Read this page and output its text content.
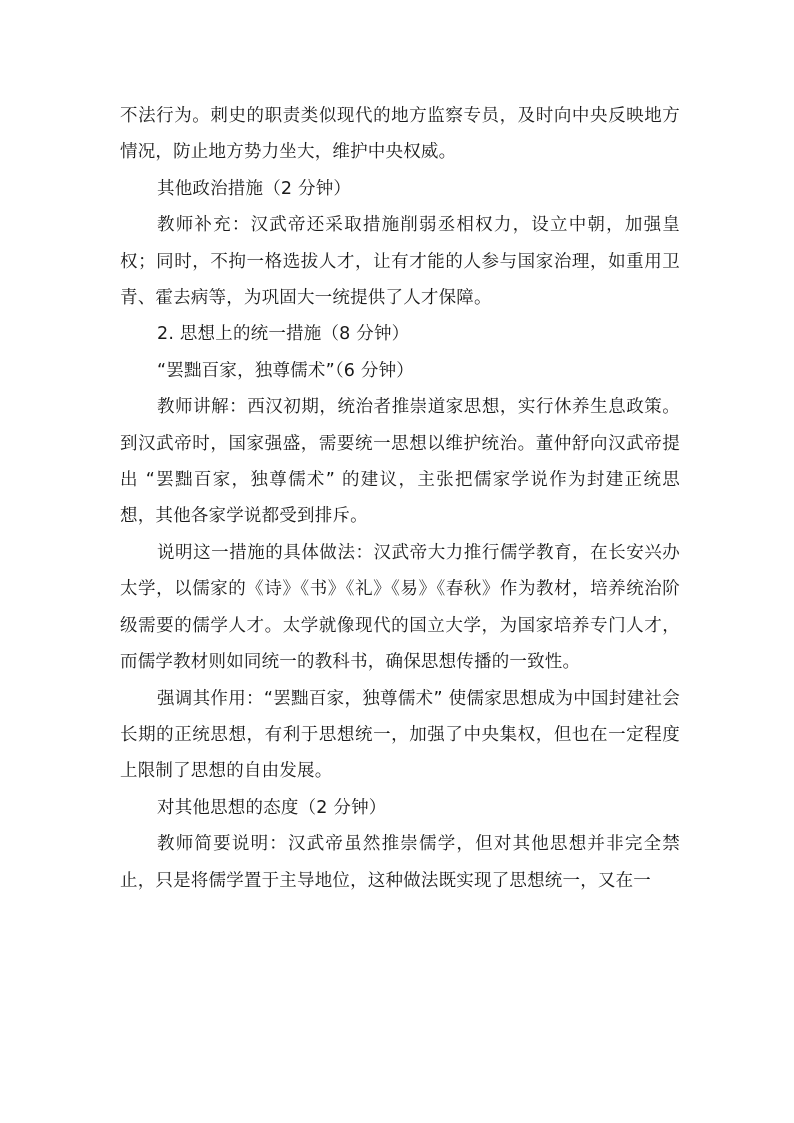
不法行为。刺史的职责类似现代的地方监察专员，及时向中央反映地方情况，防止地方势力坐大，维护中央权威。

其他政治措施（2 分钟）

教师补充：汉武帝还采取措施削弱丞相权力，设立中朝，加强皇权；同时，不拘一格选拔人才，让有才能的人参与国家治理，如重用卫青、霍去病等，为巩固大一统提供了人才保障。

2. 思想上的统一措施（8 分钟）

“罢黜百家，独尊儒术”（6 分钟）

教师讲解：西汉初期，统治者推崇道家思想，实行休养生息政策。到汉武帝时，国家强盛，需要统一思想以维护统治。董仲舒向汉武帝提出 “罢黜百家，独尊儒术” 的建议，主张把儒家学说作为封建正统思想，其他各家学说都受到排斥。

说明这一措施的具体做法：汉武帝大力推行儒学教育，在长安兴办太学，以儒家的《诗》《书》《礼》《易》《春秋》作为教材，培养统治阶级需要的儒学人才。太学就像现代的国立大学，为国家培养专门人才，而儒学教材则如同统一的教科书，确保思想传播的一致性。

强调其作用：“罢黜百家，独尊儒术” 使儒家思想成为中国封建社会长期的正统思想，有利于思想统一，加强了中央集权，但也在一定程度上限制了思想的自由发展。

对其他思想的态度（2 分钟）

教师简要说明：汉武帝虽然推崇儒学，但对其他思想并非完全禁止，只是将儒学置于主导地位，这种做法既实现了思想统一，又在一
